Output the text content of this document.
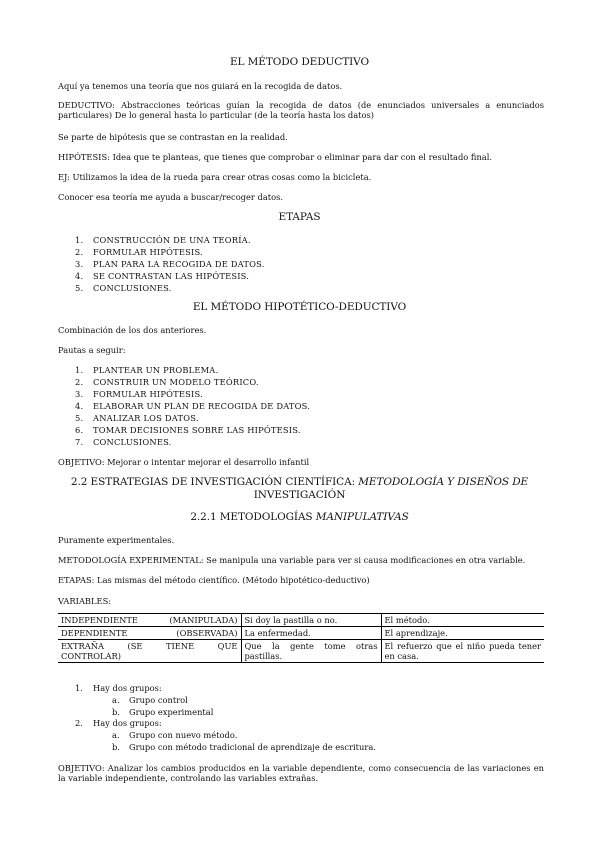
EL MÉTODO DEDUCTIVO
Aquí ya tenemos una teoría que nos guiará en la recogida de datos.
DEDUCTIVO: Abstracciones teóricas guían la recogida de datos (de enunciados universales a enunciados particulares) De lo general hasta lo particular (de la teoría hasta los datos)
Se parte de hipótesis que se contrastan en la realidad.
HIPÓTESIS: Idea que te planteas, que tienes que comprobar o eliminar para dar con el resultado final.
EJ: Utilizamos la idea de la rueda para crear otras cosas como la bicicleta.
Conocer esa teoría me ayuda a buscar/recoger datos.
ETAPAS
1. CONSTRUCCIÓN DE UNA TEORÍA.
2. FORMULAR HIPÓTESIS.
3. PLAN PARA LA RECOGIDA DE DATOS.
4. SE CONTRASTAN LAS HIPÓTESIS.
5. CONCLUSIONES.
EL MÉTODO HIPOTÉTICO-DEDUCTIVO
Combinación de los dos anteriores.
Pautas a seguir:
1. PLANTEAR UN PROBLEMA.
2. CONSTRUIR UN MODELO TEÓRICO.
3. FORMULAR HIPÓTESIS.
4. ELABORAR UN PLAN DE RECOGIDA DE DATOS.
5. ANALIZAR LOS DATOS.
6. TOMAR DECISIONES SOBRE LAS HIPÓTESIS.
7. CONCLUSIONES.
OBJETIVO: Mejorar o intentar mejorar el desarrollo infantil
2.2 ESTRATEGIAS DE INVESTIGACIÓN CIENTÍFICA: METODOLOGÍA Y DISEÑOS DE
INVESTIGACIÓN
2.2.1 METODOLOGÍAS MANIPULATIVAS
Puramente experimentales.
METODOLOGÍA EXPERIMENTAL: Se manipula una variable para ver si causa modificaciones en otra variable.
ETAPAS: Las mismas del método científico. (Método hipotético-deductivo)
VARIABLES:
INDEPENDIENTE (MANIPULADA)	Si doy la pastilla o no.	El método.
DEPENDIENTE (OBSERVADA)	La enfermedad.	El aprendizaje.
EXTRAÑA (SE TIENE QUE CONTROLAR)	Que la gente tome otras pastillas.	El refuerzo que el niño pueda tener en casa.
1. Hay dos grupos:
a. Grupo control
b. Grupo experimental
2. Hay dos grupos:
a. Grupo con nuevo método.
b. Grupo con método tradicional de aprendizaje de escritura.
OBJETIVO: Analizar los cambios producidos en la variable dependiente, como consecuencia de las variaciones en la variable independiente, controlando las variables extrañas.
